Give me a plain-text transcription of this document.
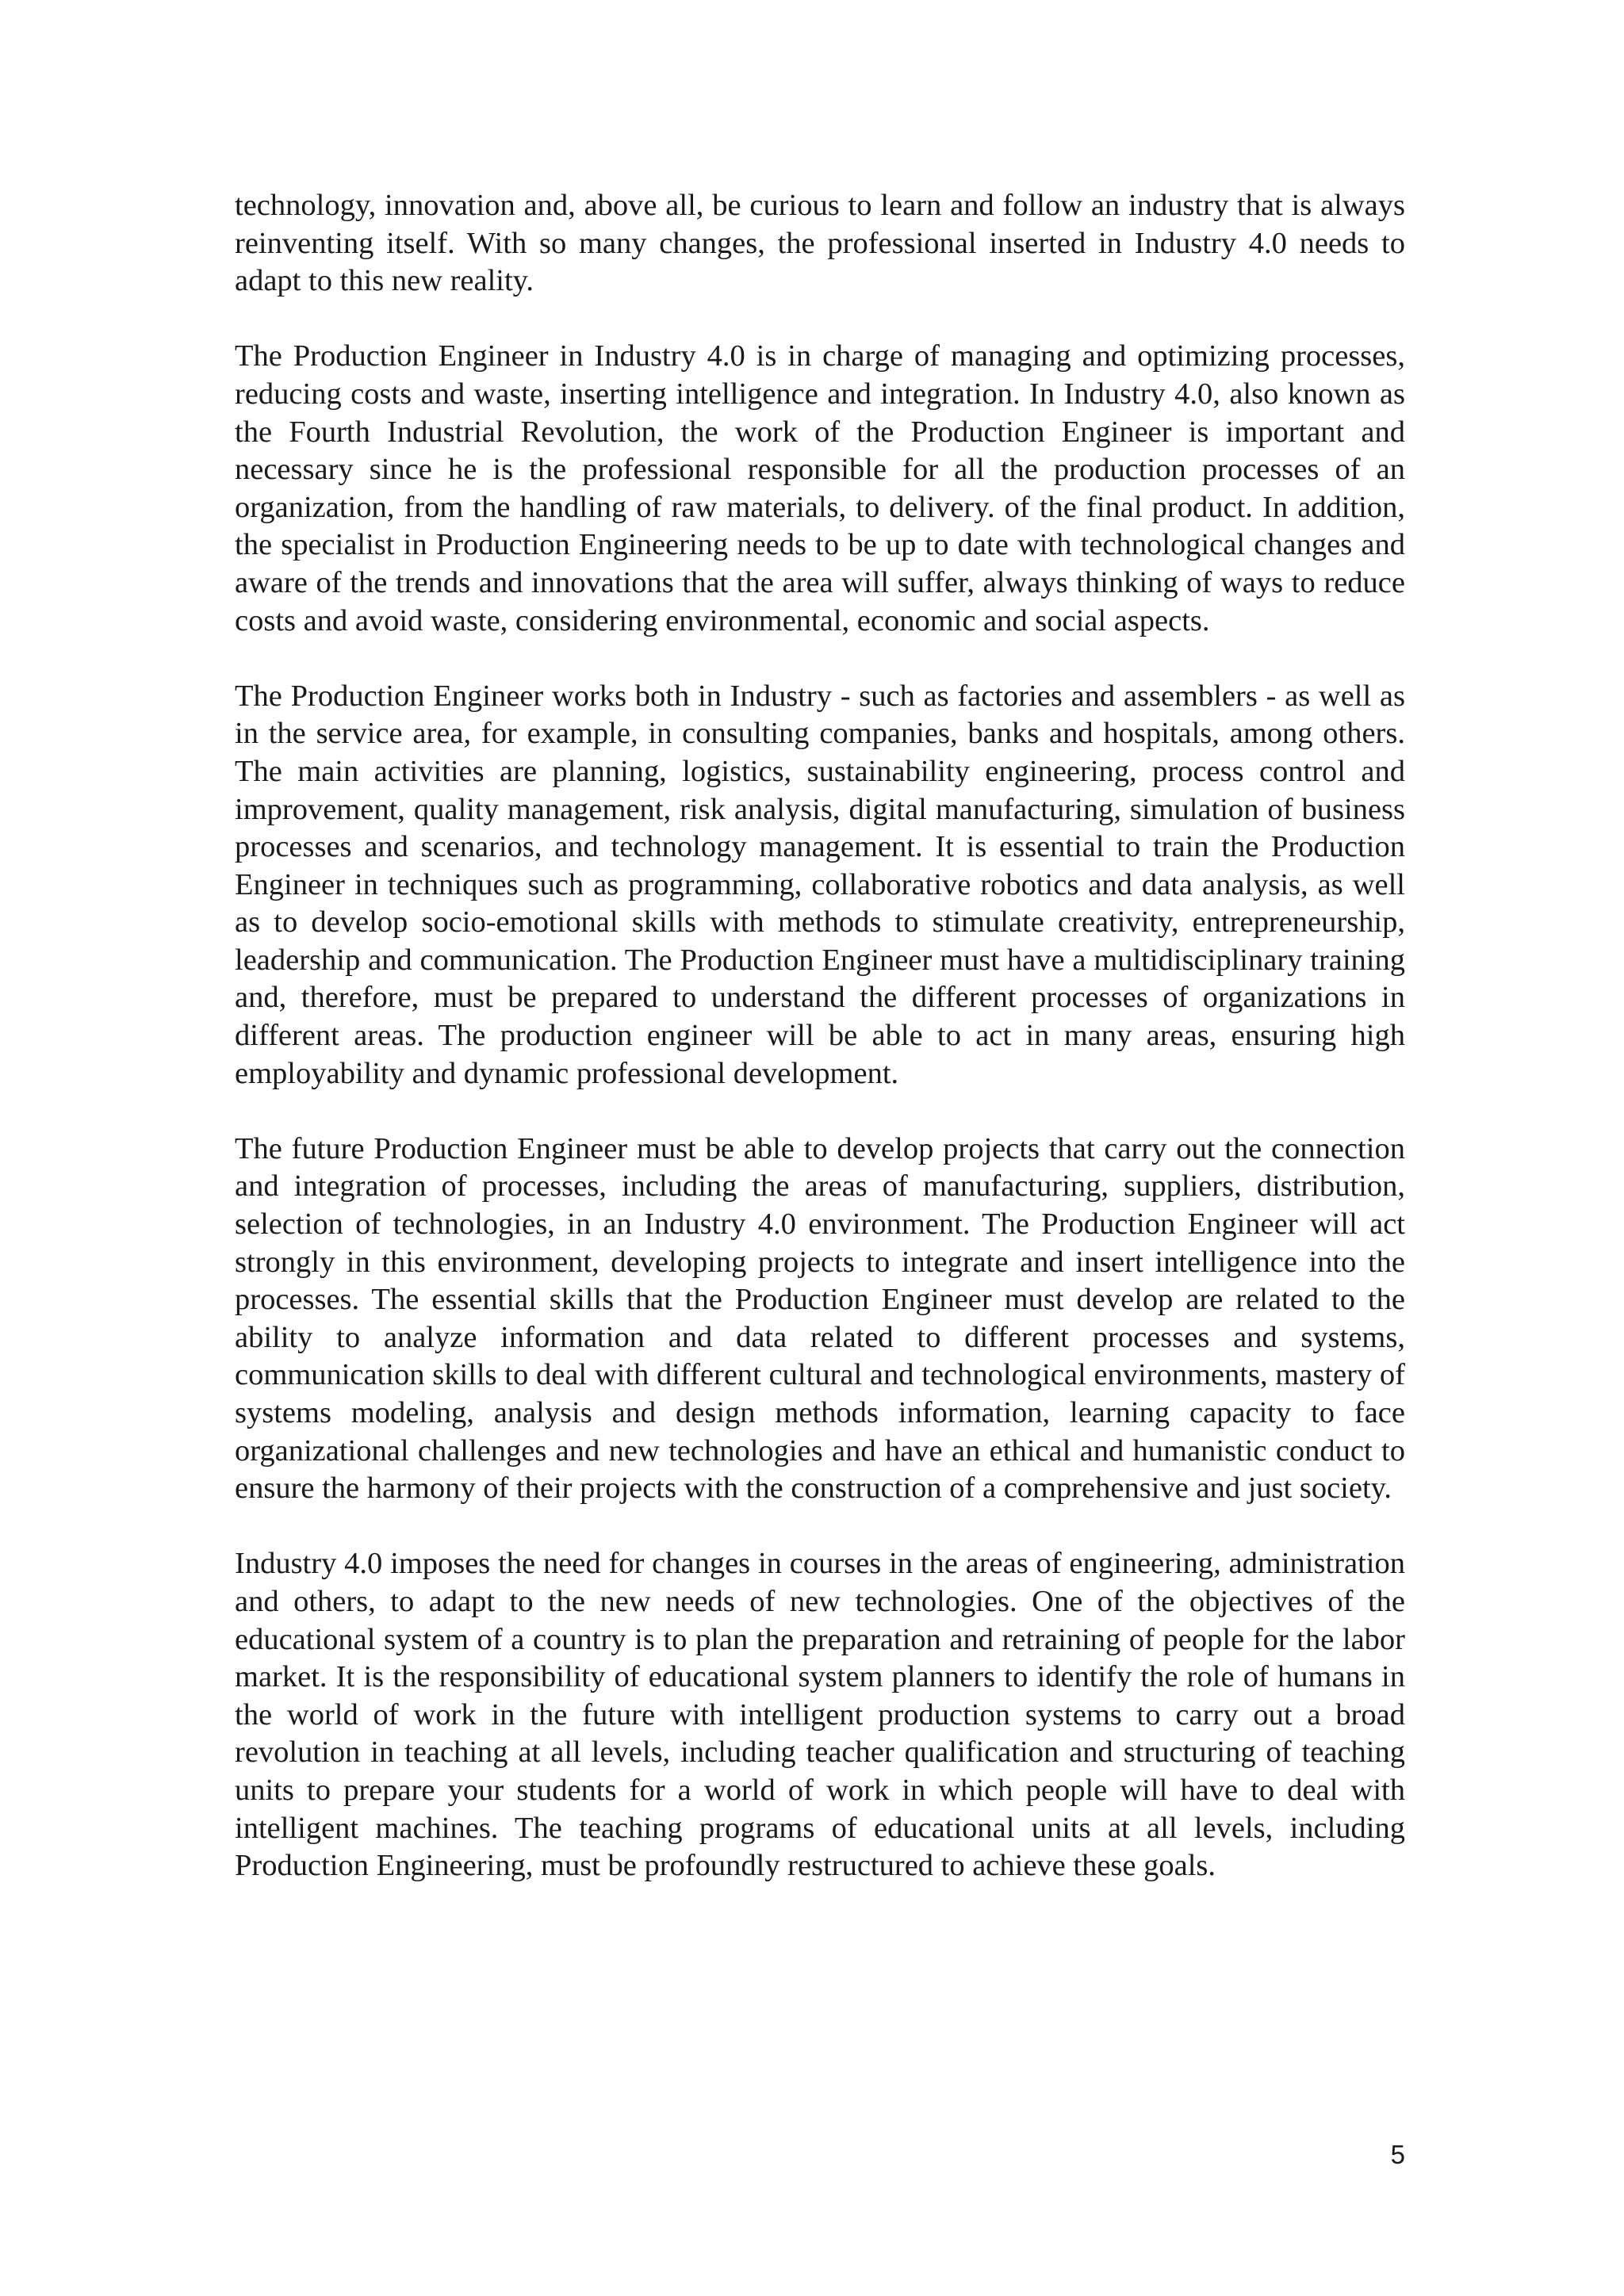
technology, innovation and, above all, be curious to learn and follow an industry that is always reinventing itself. With so many changes, the professional inserted in Industry 4.0 needs to adapt to this new reality.

The Production Engineer in Industry 4.0 is in charge of managing and optimizing processes, reducing costs and waste, inserting intelligence and integration. In Industry 4.0, also known as the Fourth Industrial Revolution, the work of the Production Engineer is important and necessary since he is the professional responsible for all the production processes of an organization, from the handling of raw materials, to delivery. of the final product. In addition, the specialist in Production Engineering needs to be up to date with technological changes and aware of the trends and innovations that the area will suffer, always thinking of ways to reduce costs and avoid waste, considering environmental, economic and social aspects.

The Production Engineer works both in Industry - such as factories and assemblers - as well as in the service area, for example, in consulting companies, banks and hospitals, among others. The main activities are planning, logistics, sustainability engineering, process control and improvement, quality management, risk analysis, digital manufacturing, simulation of business processes and scenarios, and technology management. It is essential to train the Production Engineer in techniques such as programming, collaborative robotics and data analysis, as well as to develop socio-emotional skills with methods to stimulate creativity, entrepreneurship, leadership and communication. The Production Engineer must have a multidisciplinary training and, therefore, must be prepared to understand the different processes of organizations in different areas. The production engineer will be able to act in many areas, ensuring high employability and dynamic professional development.

The future Production Engineer must be able to develop projects that carry out the connection and integration of processes, including the areas of manufacturing, suppliers, distribution, selection of technologies, in an Industry 4.0 environment. The Production Engineer will act strongly in this environment, developing projects to integrate and insert intelligence into the processes. The essential skills that the Production Engineer must develop are related to the ability to analyze information and data related to different processes and systems, communication skills to deal with different cultural and technological environments, mastery of systems modeling, analysis and design methods information, learning capacity to face organizational challenges and new technologies and have an ethical and humanistic conduct to ensure the harmony of their projects with the construction of a comprehensive and just society.

Industry 4.0 imposes the need for changes in courses in the areas of engineering, administration and others, to adapt to the new needs of new technologies. One of the objectives of the educational system of a country is to plan the preparation and retraining of people for the labor market. It is the responsibility of educational system planners to identify the role of humans in the world of work in the future with intelligent production systems to carry out a broad revolution in teaching at all levels, including teacher qualification and structuring of teaching units to prepare your students for a world of work in which people will have to deal with intelligent machines. The teaching programs of educational units at all levels, including Production Engineering, must be profoundly restructured to achieve these goals.

5
